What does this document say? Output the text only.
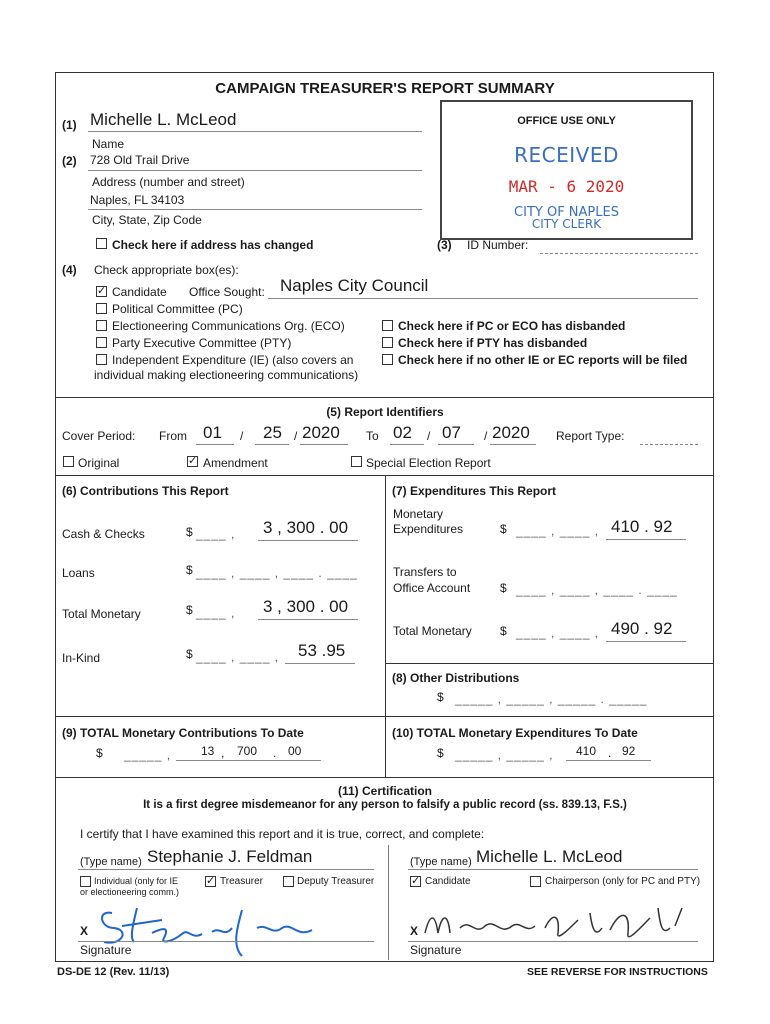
CAMPAIGN TREASURER'S REPORT SUMMARY
(1) Michelle L. McLeod
Name
(2) 728 Old Trail Drive
Address (number and street)
Naples, FL 34103
City, State, Zip Code
Check here if address has changed
OFFICE USE ONLY
RECEIVED
MAR - 6 2020
CITY OF NAPLES
CITY CLERK
(3) ID Number:
(4) Check appropriate box(es):
✓
Candidate Office Sought: Naples City Council
Political Committee (PC)
Electioneering Communications Org. (ECO)
Party Executive Committee (PTY)
Independent Expenditure (IE) (also covers an
individual making electioneering communications)
Check here if PC or ECO has disbanded
Check here if PTY has disbanded
Check here if no other IE or EC reports will be filed
(5) Report Identifiers
Cover Period: From 01 / 25 / 2020 To 02 / 07 / 2020 Report Type:
Original
✓	Amendment	Special Election Report
(6) Contributions This Report
Cash & Checks	$ ____ , 3 , 300 . 00
Loans	$ ____ , ____ , ____ . ____
Total Monetary	$ ____ , 3 , 300 . 00
In-Kind	$ ____ , ____ , 53 .95
(7) Expenditures This Report
Monetary
Expenditures	$ ____ , ____ , 410 . 92
Transfers to
Office Account $ ____ , ____ , ____ . ____
Total Monetary $ ____ , ____ , 490 . 92
(8) Other Distributions
$ _____ , _____ , _____ . _____
(9) TOTAL Monetary Contributions To Date
$ _____ , 13 , 700 . 00
(10) TOTAL Monetary Expenditures To Date
$ _____ , _____ , 410 . 92
(11) Certification
It is a first degree misdemeanor for any person to falsify a public record (ss. 839.13, F.S.)
I certify that I have examined this report and it is true, correct, and complete:
(Type name) Stephanie J. Feldman
Individual (only for IE
or electioneering comm.)
✓
Treasurer	Deputy Treasurer
X
Signature
(Type name) Michelle L. McLeod
✓
Candidate	Chairperson (only for PC and PTY)
X
Signature
DS-DE 12 (Rev. 11/13)	SEE REVERSE FOR INSTRUCTIONS
